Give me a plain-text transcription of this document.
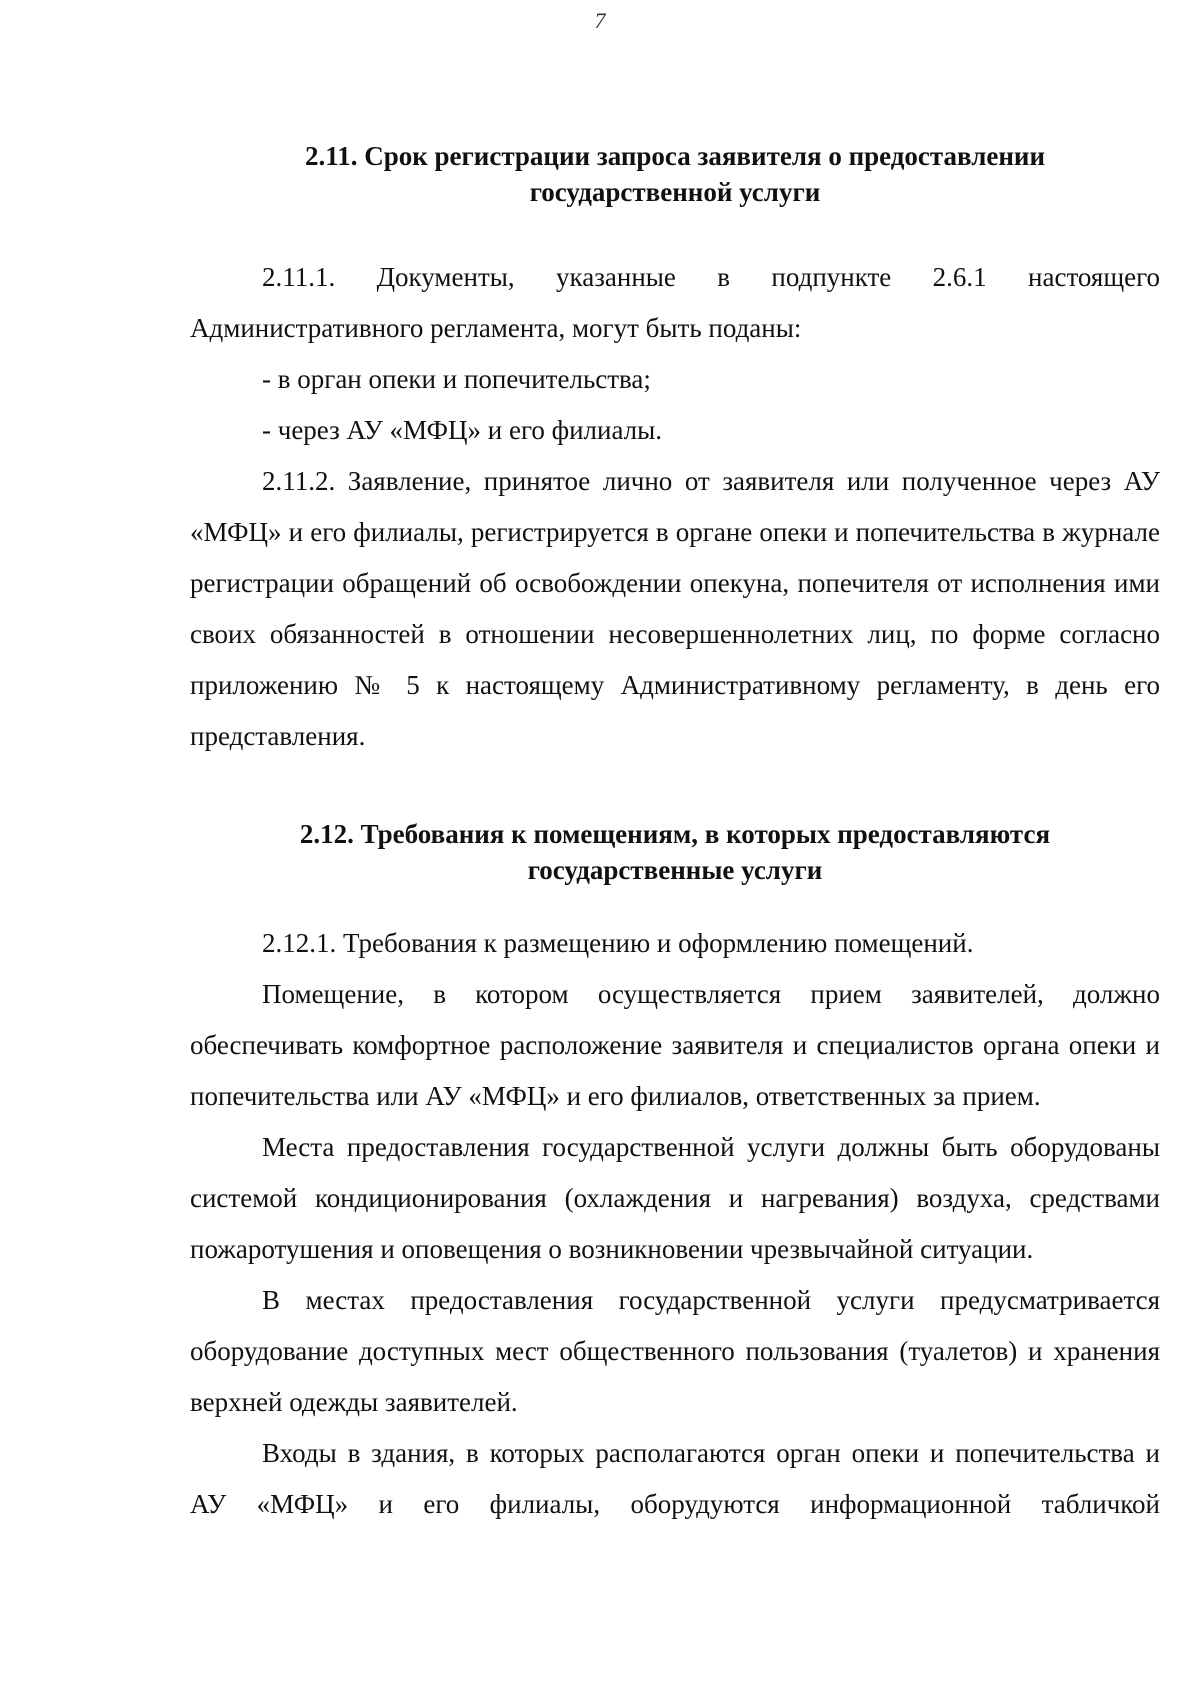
7
2.11. Срок регистрации запроса заявителя о предоставлении
государственной услуги

2.11.1. Документы, указанные в подпункте 2.6.1 настоящего Административного регламента, могут быть поданы:

- в орган опеки и попечительства;

- через АУ «МФЦ» и его филиалы.

2.11.2. Заявление, принятое лично от заявителя или полученное через АУ «МФЦ» и его филиалы, регистрируется в органе опеки и попечительства в журнале регистрации обращений об освобождении опекуна, попечителя от исполнения ими своих обязанностей в отношении несовершеннолетних лиц, по форме согласно приложению № 5 к настоящему Административному регламенту, в день его представления.

2.12. Требования к помещениям, в которых предоставляются
государственные услуги

2.12.1. Требования к размещению и оформлению помещений.

Помещение, в котором осуществляется прием заявителей, должно обеспечивать комфортное расположение заявителя и специалистов органа опеки и попечительства или АУ «МФЦ» и его филиалов, ответственных за прием.

Места предоставления государственной услуги должны быть оборудованы системой кондиционирования (охлаждения и нагревания) воздуха, средствами пожаротушения и оповещения о возникновении чрезвычайной ситуации.

В местах предоставления государственной услуги предусматривается оборудование доступных мест общественного пользования (туалетов) и хранения верхней одежды заявителей.

Входы в здания, в которых располагаются орган опеки и попечительства и АУ «МФЦ» и его филиалы, оборудуются информационной табличкой
